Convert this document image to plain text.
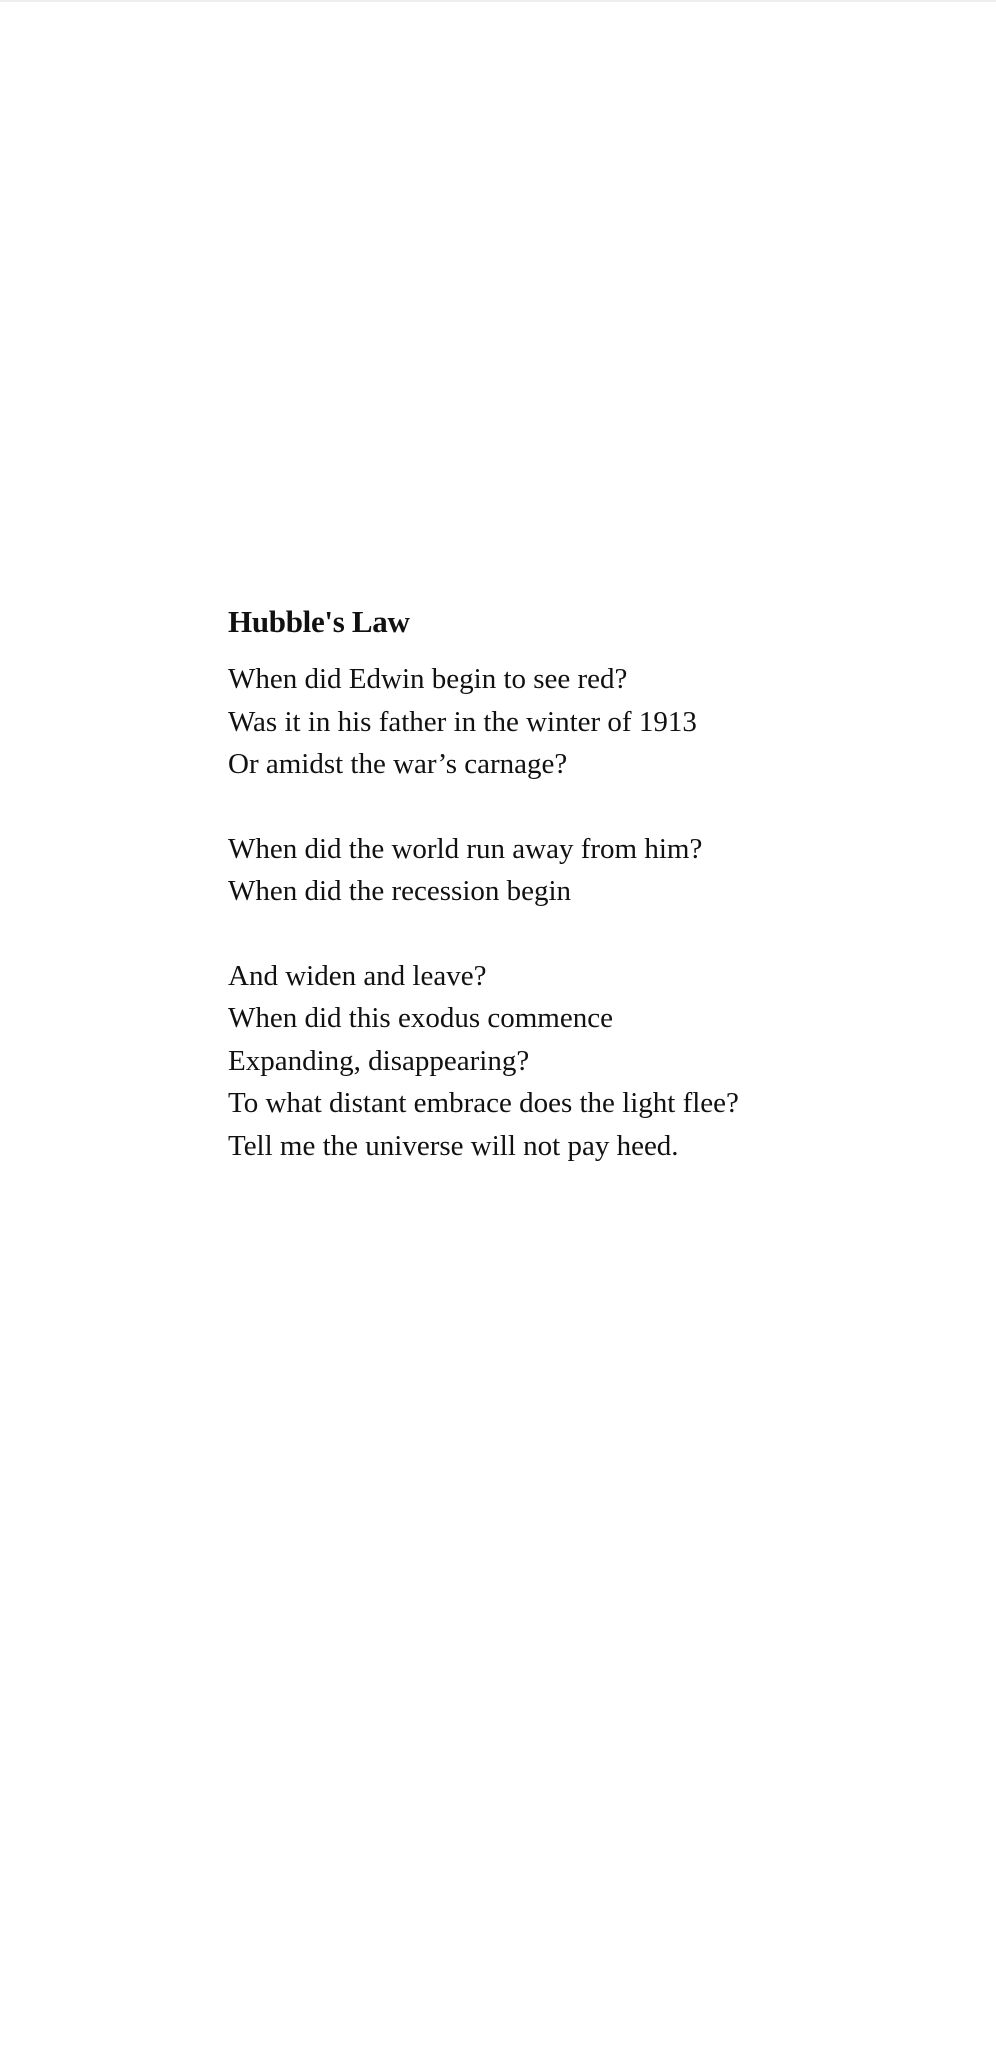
Hubble's Law
When did Edwin begin to see red?
Was it in his father in the winter of 1913
Or amidst the war’s carnage?
When did the world run away from him?
When did the recession begin
And widen and leave?
When did this exodus commence
Expanding, disappearing?
To what distant embrace does the light flee?
Tell me the universe will not pay heed.
